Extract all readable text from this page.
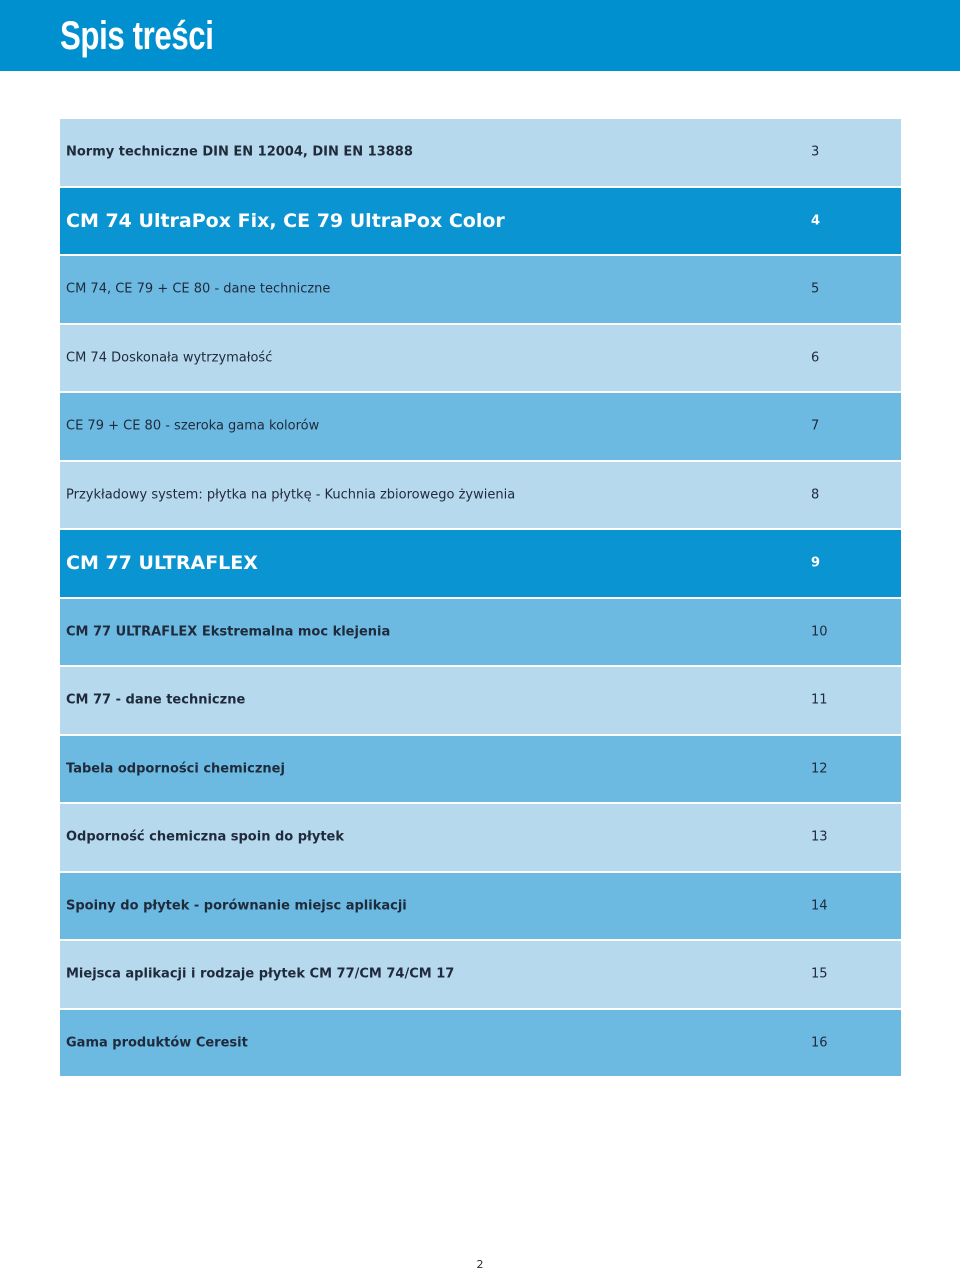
Spis treści
Normy techniczne DIN EN 12004, DIN EN 13888	3
CM 74 UltraPox Fix, CE 79 UltraPox Color	4
CM 74, CE 79 + CE 80 - dane techniczne	5
CM 74 Doskonała wytrzymałość	6
CE 79 + CE 80 - szeroka gama kolorów	7
Przykładowy system: płytka na płytkę - Kuchnia zbiorowego żywienia	8
CM 77 ULTRAFLEX	9
CM 77 ULTRAFLEX Ekstremalna moc klejenia	10
CM 77 - dane techniczne	11
Tabela odporności chemicznej	12
Odporność chemiczna spoin do płytek	13
Spoiny do płytek - porównanie miejsc aplikacji	14
Miejsca aplikacji i rodzaje płytek CM 77/CM 74/CM 17	15
Gama produktów Ceresit	16
2
